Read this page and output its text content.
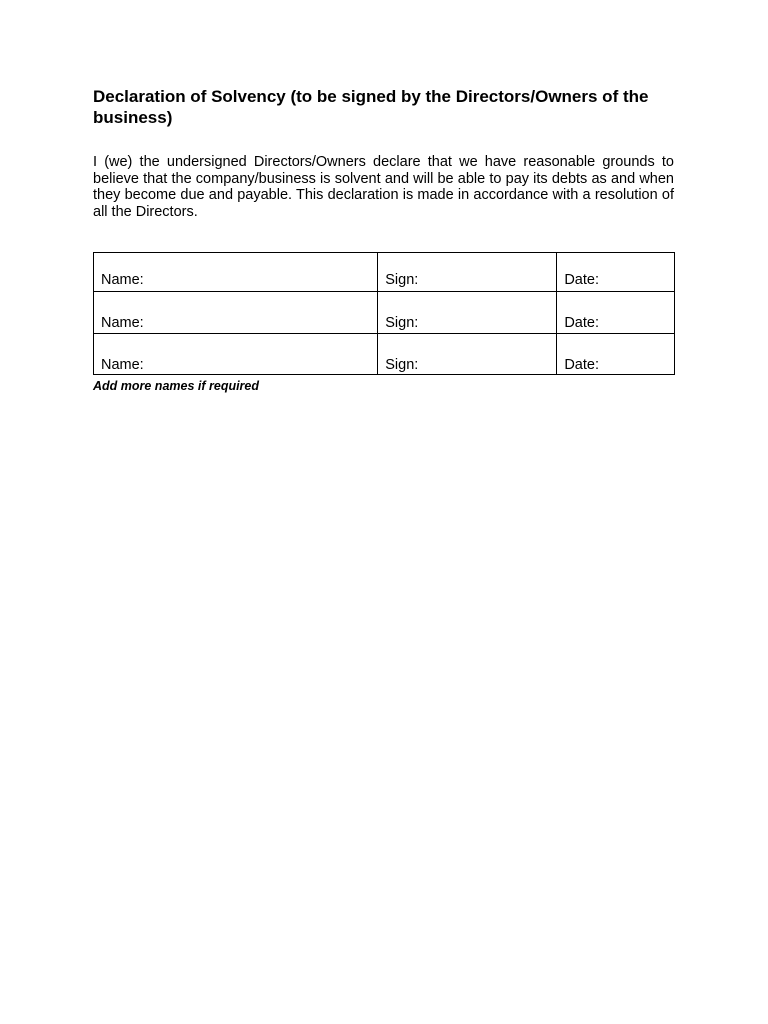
Declaration of Solvency (to be signed by the Directors/Owners of the business)

I (we) the undersigned Directors/Owners declare that we have reasonable grounds to believe that the company/business is solvent and will be able to pay its debts as and when they become due and payable. This declaration is made in accordance with a resolution of all the Directors.

Name:	Sign:	Date:
Name:	Sign:	Date:
Name:	Sign:	Date:

Add more names if required
